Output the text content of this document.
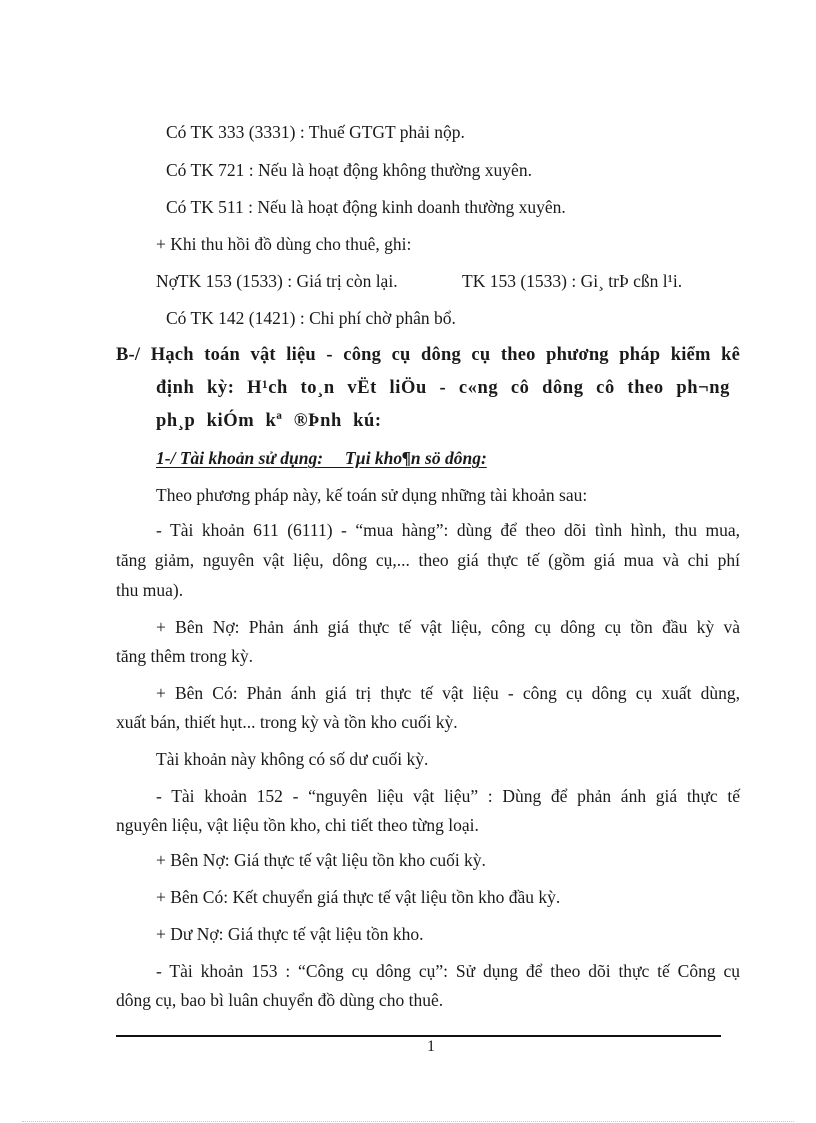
Có TK 333 (3331) : Thuế GTGT phải nộp.
Có TK 721 : Nếu là hoạt động không thường xuyên.
Có TK 511 : Nếu là hoạt động kinh doanh thường xuyên.
+ Khi thu hồi đồ dùng cho thuê, ghi:
NợTK 153 (1533) : Giá trị còn lại.	TK 153 (1533) : Gi¸ trÞ cßn l¹i.
Có TK 142 (1421) : Chi phí chờ phân bổ.
B-/ Hạch toán vật liệu - công cụ dông cụ theo phương pháp kiểm kê
định kỳ: H¹ch to¸n vËt liÖu - c«ng cô dông cô theo ph¬ng
ph¸p kiÓm kª ®Þnh kú:
1-/ Tài khoản sử dụng: Tµi kho¶n sö dông:
Theo phương pháp này, kế toán sử dụng những tài khoản sau:
- Tài khoản 611 (6111) - “mua hàng”: dùng để theo dõi tình hình, thu mua,
tăng giảm, nguyên vật liệu, dông cụ,... theo giá thực tế (gồm giá mua và chi phí
thu mua).
+ Bên Nợ: Phản ánh giá thực tế vật liệu, công cụ dông cụ tồn đầu kỳ và
tăng thêm trong kỳ.
+ Bên Có: Phản ánh giá trị thực tế vật liệu - công cụ dông cụ xuất dùng,
xuất bán, thiết hụt... trong kỳ và tồn kho cuối kỳ.
Tài khoản này không có số dư cuối kỳ.
- Tài khoản 152 - “nguyên liệu vật liệu” : Dùng để phản ánh giá thực tế
nguyên liệu, vật liệu tồn kho, chi tiết theo từng loại.
+ Bên Nợ: Giá thực tế vật liệu tồn kho cuối kỳ.
+ Bên Có: Kết chuyển giá thực tế vật liệu tồn kho đầu kỳ.
+ Dư Nợ: Giá thực tế vật liệu tồn kho.
- Tài khoản 153 : “Công cụ dông cụ”: Sử dụng để theo dõi thực tế Công cụ
dông cụ, bao bì luân chuyển đồ dùng cho thuê.
1
